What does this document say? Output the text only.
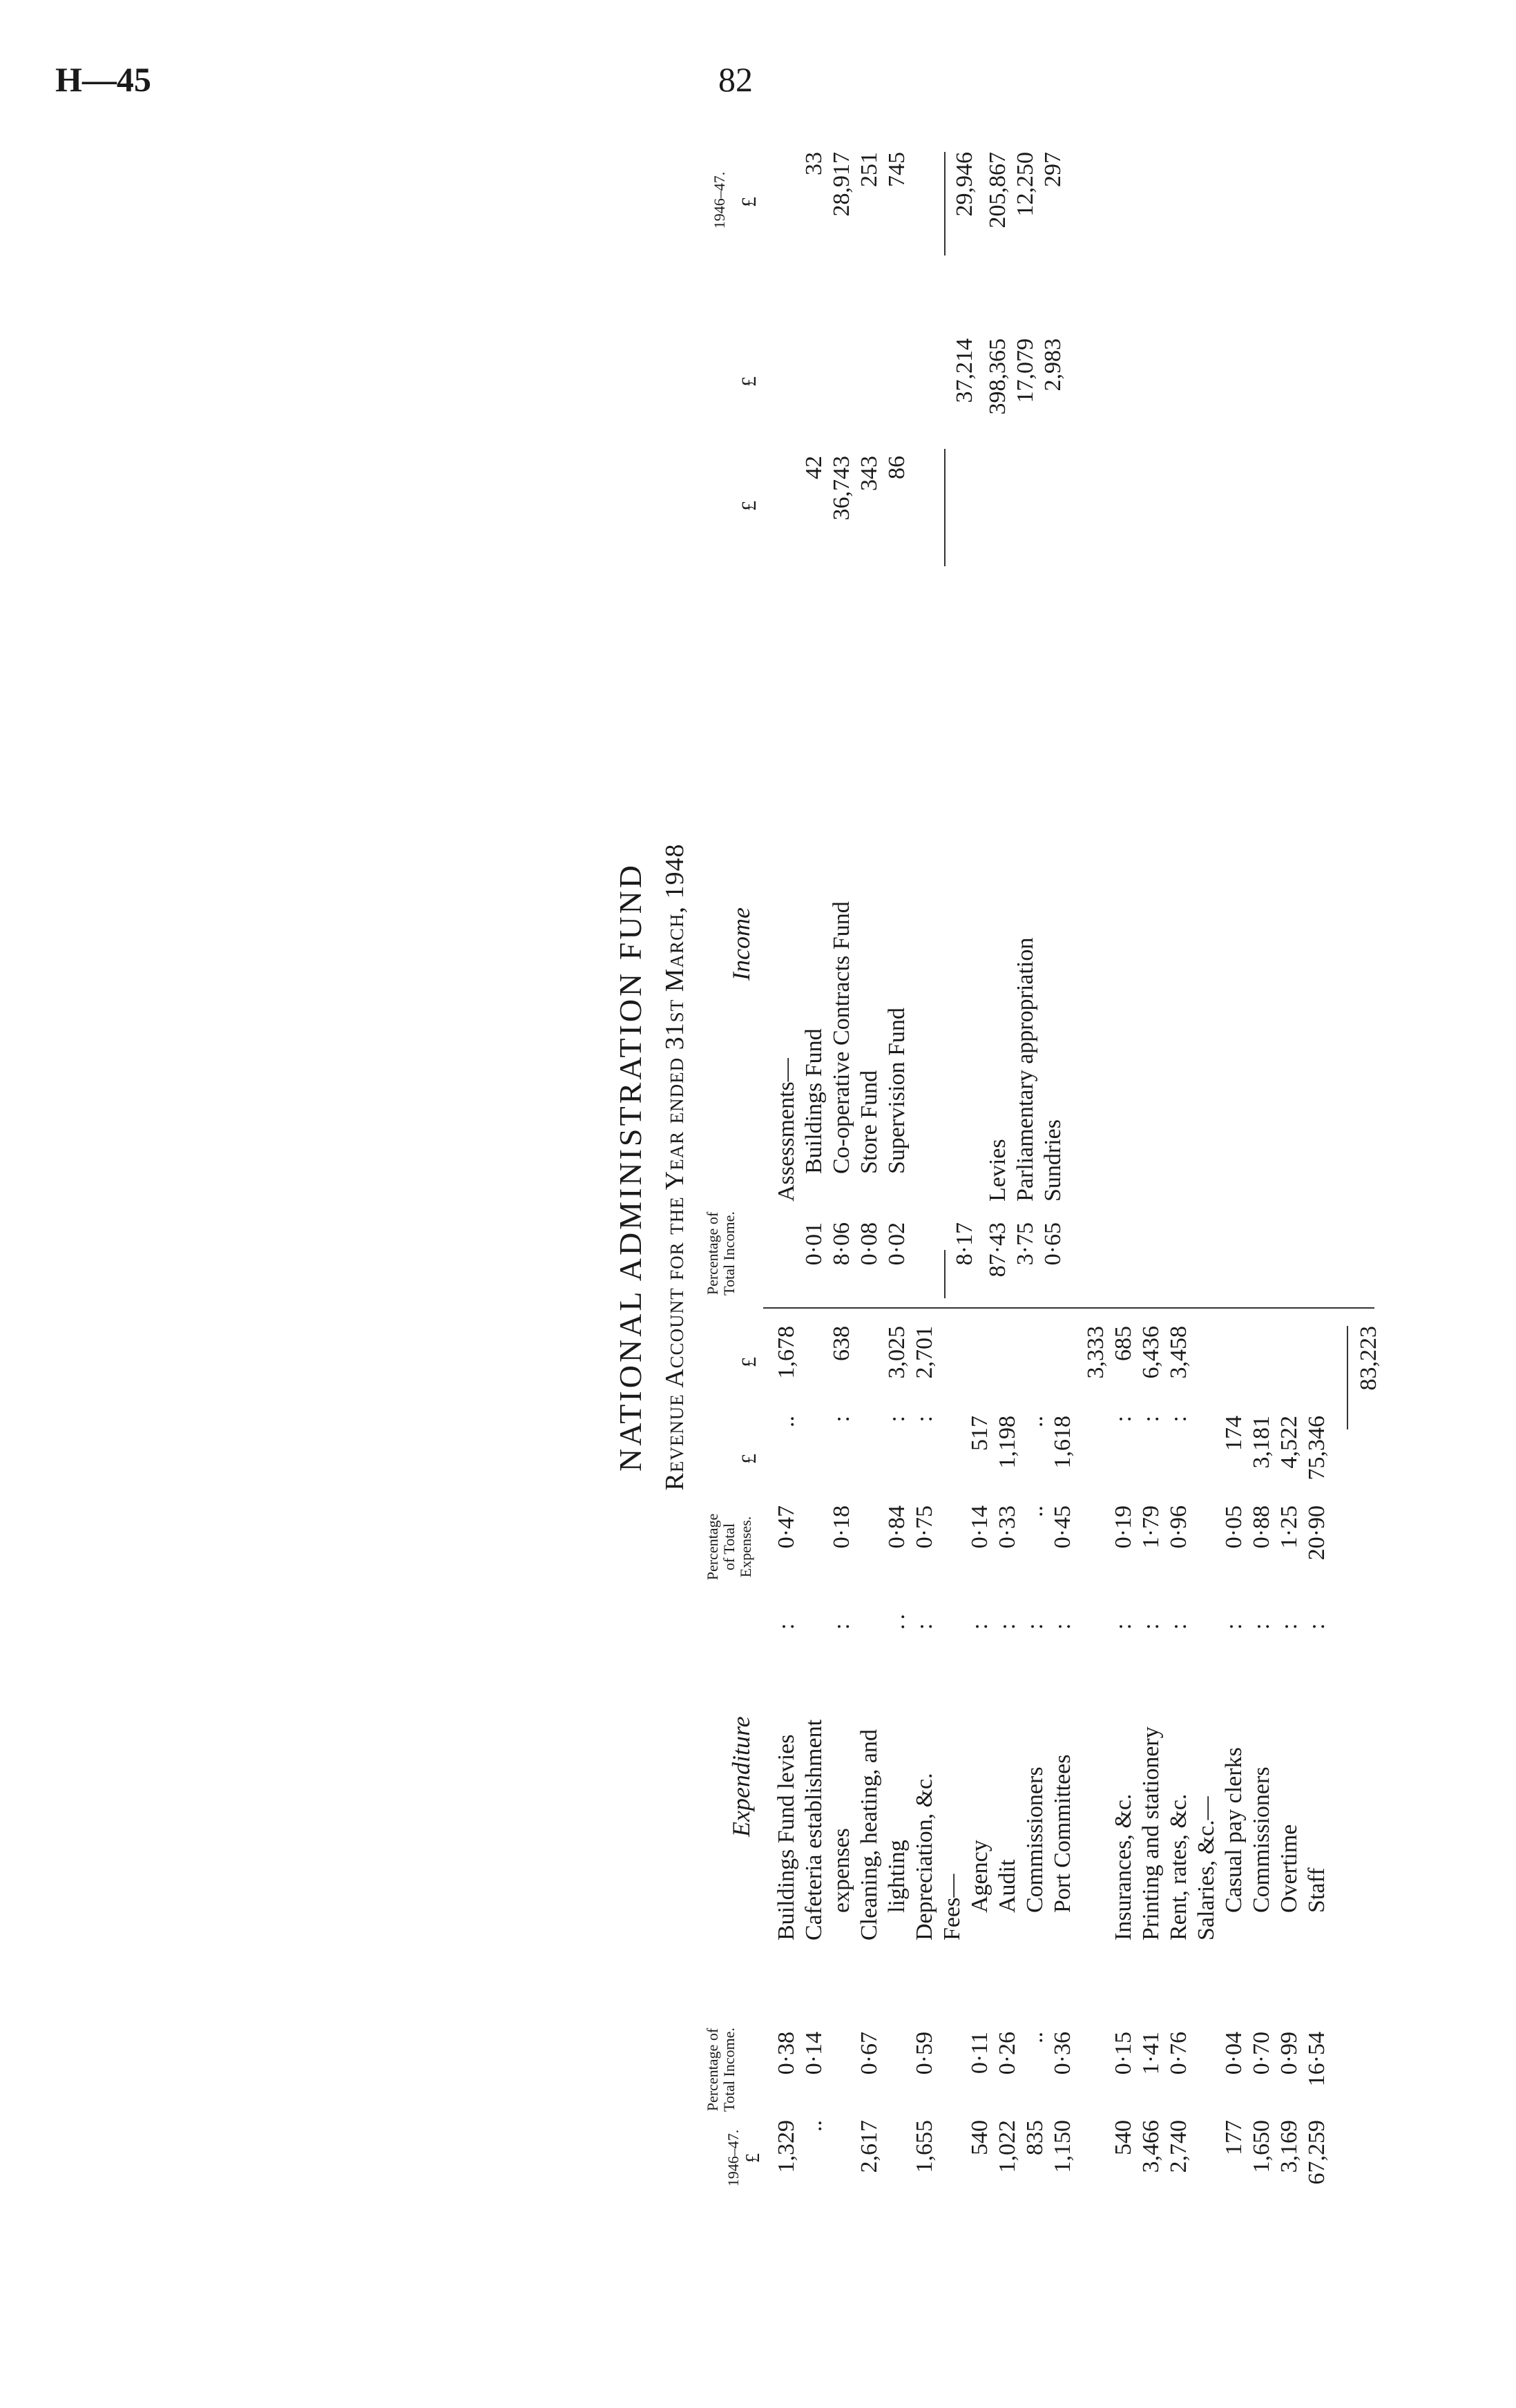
H—45	82
NATIONAL ADMINISTRATION FUND Revenue Account for the Year ended 31st March, 1948
1946–47. £
Percentage of Total Income.
Expenditure
Percentage of Total Expenses.
£
£
1,329
0·38
Buildings Fund levies
:
0·47
..
1,678
..
0·14
Cafeteria establishment expenses
:
0·18
:
638
2,617
0·67
Cleaning, heating, and lighting
..
0·84
:
3,025
1,655
0·59
Depreciation, &c.
:
0·75
:
2,701
Fees—
540
0·11
Agency
:
0·14
517
1,022
0·26
Audit
:
0·33
1,198
835
..
Commissioners
:
..
..
1,150
0·36
Port Committees
:
0·45
1,618
3,333
540
0·15
Insurances, &c.
:
0·19
:
685
3,466
1·41
Printing and stationery
:
1·79
:
6,436
2,740
0·76
Rent, rates, &c.
:
0·96
:
3,458
Salaries, &c.—
177
0·04
Casual pay clerks
:
0·05
174
1,650
0·70
Commissioners
:
0·88
3,181
3,169
0·99
Overtime
:
1·25
4,522
67,259
16·54
Staff
:
20·90
75,346
83,223
Percentage of Total Income.
Income
£
£
£
1946–47.
Assessments—
0·01
Buildings Fund
42
33
8·06
Co-operative Contracts Fund
36,743
28,917
0·08
Store Fund
343
251
0·02
Supervision Fund
86
745
8·17
37,214
29,946
87·43
Levies
398,365
205,867
3·75
Parliamentary appropriation
17,079
12,250
0·65
Sundries
2,983
297
